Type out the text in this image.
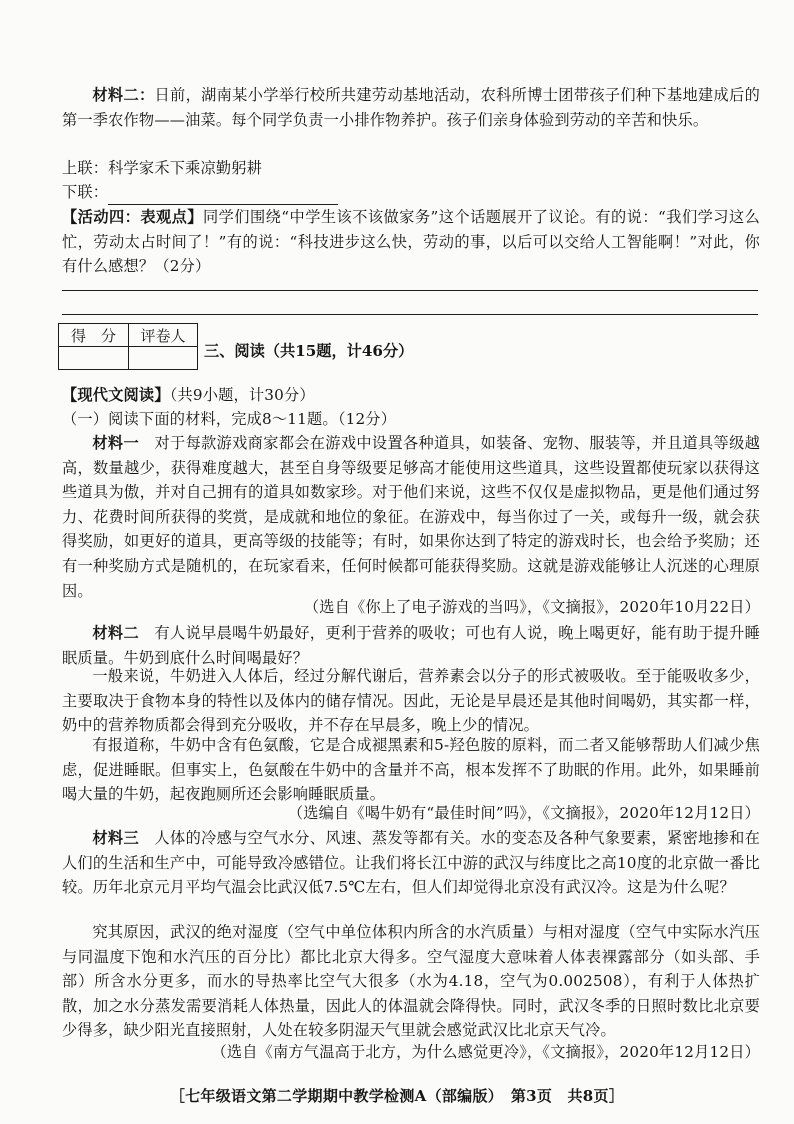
材料二：日前，湖南某小学举行校所共建劳动基地活动，农科所博士团带孩子们种下基地建成后的第一季农作物——油菜。每个同学负责一小排作物养护。孩子们亲身体验到劳动的辛苦和快乐。

上联：科学家禾下乘凉勤躬耕

下联：

【活动四：表观点】同学们围绕“中学生该不该做家务”这个话题展开了议论。有的说：“我们学习这么忙，劳动太占时间了！”有的说：“科技进步这么快，劳动的事，以后可以交给人工智能啊！”对此，你有什么感想？（2分）

得　分	评卷人

三、阅读（共15题，计46分）

【现代文阅读】（共9小题，计30分）

（一）阅读下面的材料，完成8～11题。（12分）

材料一　 对于每款游戏商家都会在游戏中设置各种道具，如装备、宠物、服装等，并且道具等级越高，数量越少，获得难度越大，甚至自身等级要足够高才能使用这些道具，这些设置都使玩家以获得这些道具为傲，并对自己拥有的道具如数家珍。对于他们来说，这些不仅仅是虚拟物品，更是他们通过努力、花费时间所获得的奖赏，是成就和地位的象征。在游戏中，每当你过了一关，或每升一级，就会获得奖励，如更好的道具，更高等级的技能等；有时，如果你达到了特定的游戏时长，也会给予奖励；还有一种奖励方式是随机的，在玩家看来，任何时候都可能获得奖励。这就是游戏能够让人沉迷的心理原因。

（选自《你上了电子游戏的当吗》，《文摘报》，2020年10月22日）

材料二　 有人说早晨喝牛奶最好，更利于营养的吸收；可也有人说，晚上喝更好，能有助于提升睡眠质量。牛奶到底什么时间喝最好？

一般来说，牛奶进入人体后，经过分解代谢后，营养素会以分子的形式被吸收。至于能吸收多少，主要取决于食物本身的特性以及体内的储存情况。因此，无论是早晨还是其他时间喝奶，其实都一样，奶中的营养物质都会得到充分吸收，并不存在早晨多，晚上少的情况。

有报道称，牛奶中含有色氨酸，它是合成褪黑素和5-羟色胺的原料，而二者又能够帮助人们减少焦虑，促进睡眠。但事实上，色氨酸在牛奶中的含量并不高，根本发挥不了助眠的作用。此外，如果睡前喝大量的牛奶，起夜跑厕所还会影响睡眠质量。

（选编自《喝牛奶有“最佳时间”吗》，《文摘报》，2020年12月12日）

材料三　 人体的冷感与空气水分、风速、蒸发等都有关。水的变态及各种气象要素，紧密地掺和在人们的生活和生产中，可能导致冷感错位。让我们将长江中游的武汉与纬度比之高10度的北京做一番比较。历年北京元月平均气温会比武汉低7.5℃左右，但人们却觉得北京没有武汉冷。这是为什么呢？

究其原因，武汉的绝对湿度（空气中单位体积内所含的水汽质量）与相对湿度（空气中实际水汽压与同温度下饱和水汽压的百分比）都比北京大得多。空气湿度大意味着人体表裸露部分（如头部、手部）所含水分更多，而水的导热率比空气大很多（水为4.18，空气为0.002508），有利于人体热扩散，加之水分蒸发需要消耗人体热量，因此人的体温就会降得快。同时，武汉冬季的日照时数比北京要少得多，缺少阳光直接照射，人处在较多阴湿天气里就会感觉武汉比北京天气冷。

（选自《南方气温高于北方，为什么感觉更冷》，《文摘报》，2020年12月12日）

［七年级语文第二学期期中教学检测A（部编版）　第3页　共8页］
